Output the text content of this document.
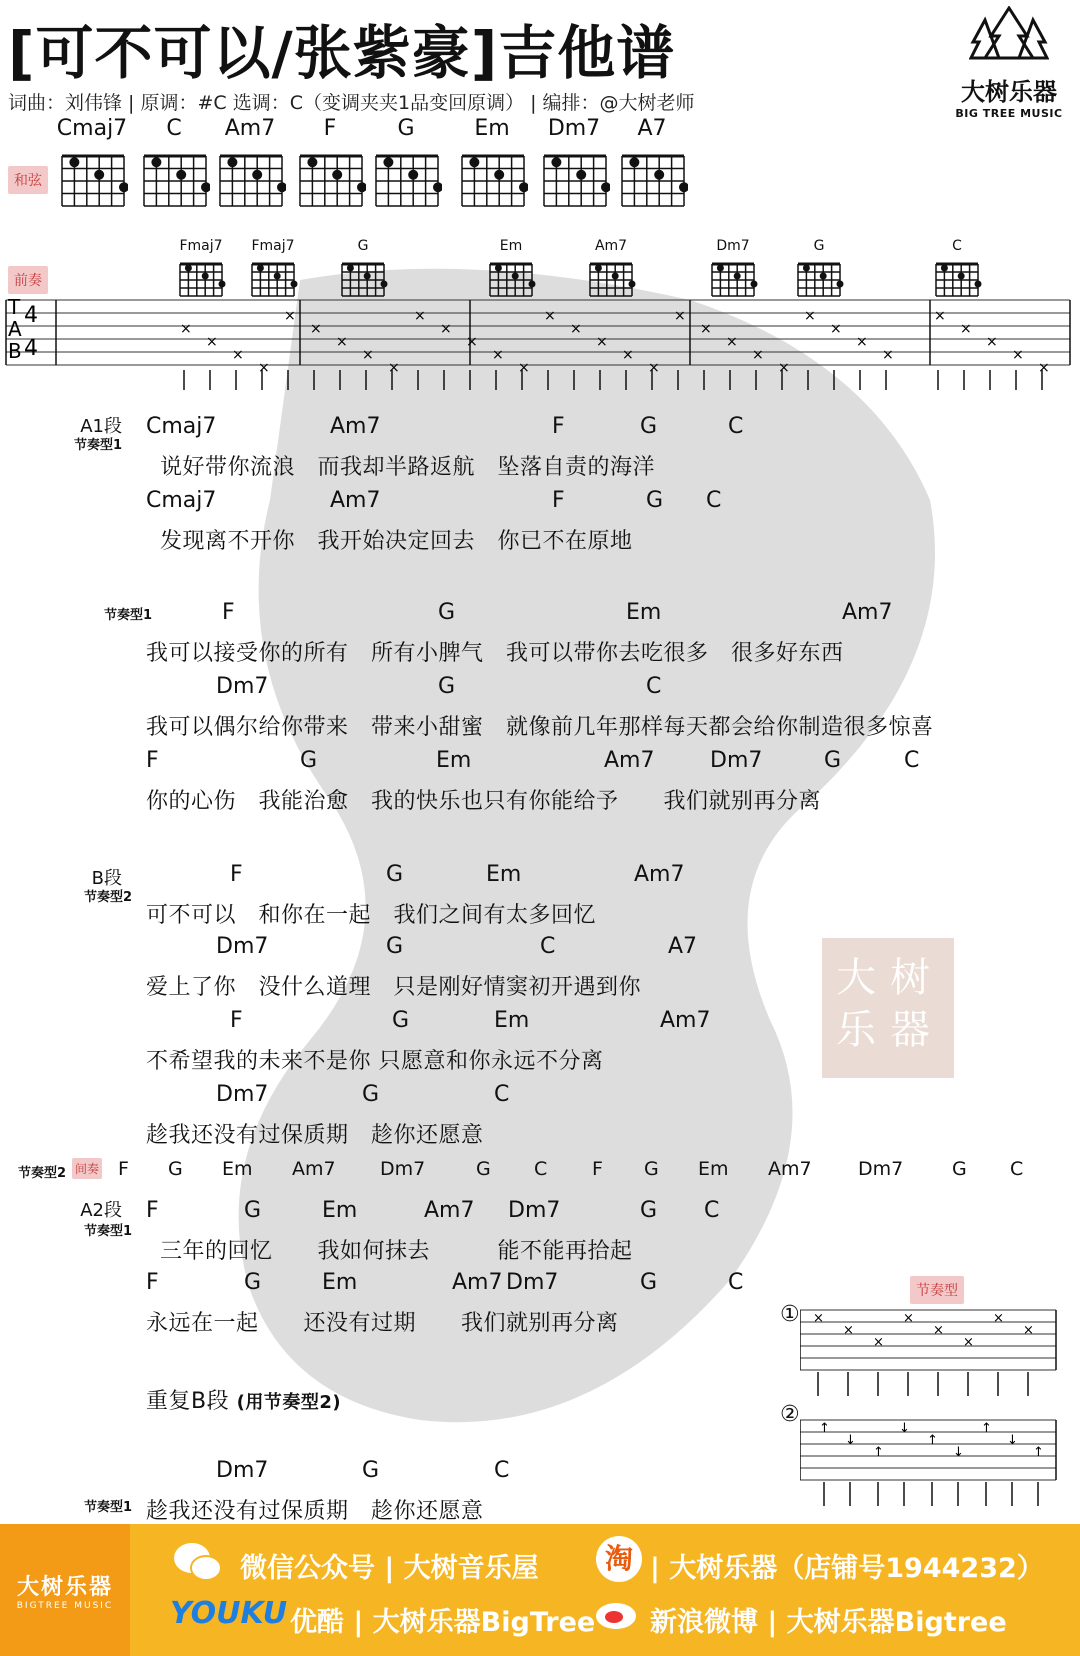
[可不可以/张紫豪]吉他谱
词曲：刘伟锋 | 原调：#C 选调：C（变调夹夹1品变回原调） | 编排：@大树老师	大树乐器
BIG TREE MUSIC
和弦
Cmaj7	C	Am7	F	G	Em	Dm7	A7
前奏
Fmaj7	Fmaj7	G	Em	Am7	Dm7	G	C
T
A
B
4
4
×
×
×
×
×
×
×
×
×
×
×
×
×
×
×
×
×
×
×
×
×
×
×
×
×
×
×
×
×
×
×
×
×
A1段
节奏型1
节奏型1
B段
节奏型2
节奏型2 间奏
A2段
节奏型1
重复B段 (用节奏型2)
节奏型1
Cmaj7	Am7	F	G	C
说好带你流浪　而我却半路返航　坠落自责的海洋
Cmaj7	Am7	F	G C
发现离不开你　我开始决定回去　你已不在原地
F	G	Em	Am7
我可以接受你的所有　所有小脾气　我可以带你去吃很多　很多好东西
Dm7	G	C
我可以偶尔给你带来　带来小甜蜜　就像前几年那样每天都会给你制造很多惊喜
F	G	Em	Am7	Dm7	G	C
你的心伤　我能治愈　我的快乐也只有你能给予　　我们就别再分离
F	G	Em	Am7
可不可以　和你在一起　我们之间有太多回忆
Dm7	G	C	A7
爱上了你　没什么道理　只是刚好情窦初开遇到你
F	G	Em	Am7
不希望我的未来不是你 只愿意和你永远不分离
Dm7	G	C
趁我还没有过保质期　趁你还愿意
F G Em Am7 Dm7	G C F G Em Am7 Dm7	G C
F	G	Em	Am7 Dm7	G C
三年的回忆　　我如何抹去　　　能不能再拾起
F	G	Em	Am7 Dm7	G	C
永远在一起　　还没有过期　　我们就别再分离
Dm7	G	C
趁我还没有过保质期　趁你还愿意
大树乐器
节奏型
①
②
×
×
×
×
×
×
×
×
↑
↓
↑
↓
↑
↓
↑
↓
↑
大树乐器
BIGTREE MUSIC
微信公众号 | 大树音乐屋	淘 | 大树乐器（店铺号1944232）
YOUKU 优酷 | 大树乐器BigTree 新浪微博 | 大树乐器Bigtree
